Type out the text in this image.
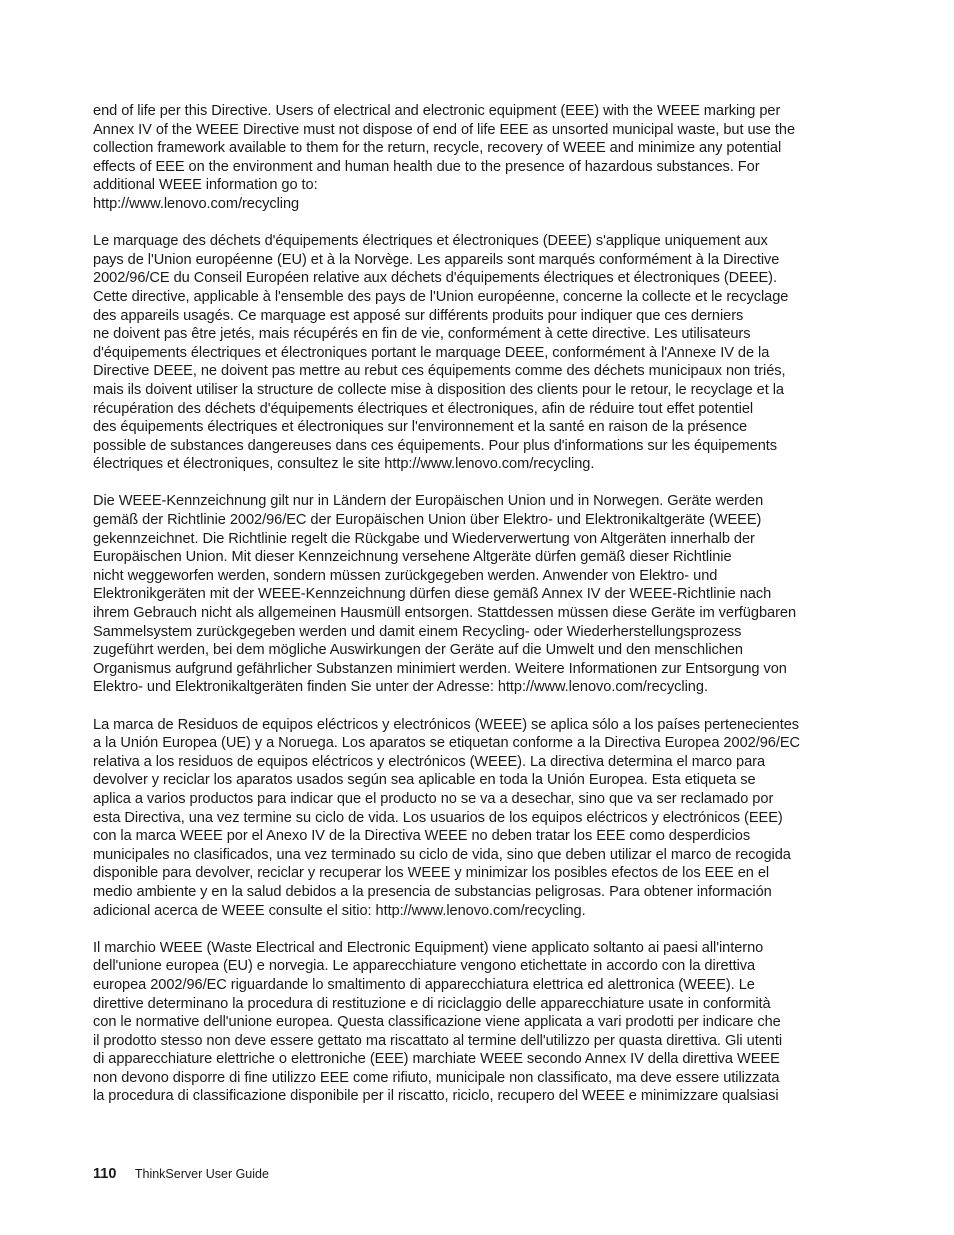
end of life per this Directive. Users of electrical and electronic equipment (EEE) with the WEEE marking per
Annex IV of the WEEE Directive must not dispose of end of life EEE as unsorted municipal waste, but use the
collection framework available to them for the return, recycle, recovery of WEEE and minimize any potential
effects of EEE on the environment and human health due to the presence of hazardous substances. For
additional WEEE information go to:
http://www.lenovo.com/recycling
Le marquage des déchets d'équipements électriques et électroniques (DEEE) s'applique uniquement aux
pays de l'Union européenne (EU) et à la Norvège. Les appareils sont marqués conformément à la Directive
2002/96/CE du Conseil Européen relative aux déchets d'équipements électriques et électroniques (DEEE).
Cette directive, applicable à l'ensemble des pays de l'Union européenne, concerne la collecte et le recyclage
des appareils usagés. Ce marquage est apposé sur différents produits pour indiquer que ces derniers
ne doivent pas être jetés, mais récupérés en fin de vie, conformément à cette directive. Les utilisateurs
d'équipements électriques et électroniques portant le marquage DEEE, conformément à l'Annexe IV de la
Directive DEEE, ne doivent pas mettre au rebut ces équipements comme des déchets municipaux non triés,
mais ils doivent utiliser la structure de collecte mise à disposition des clients pour le retour, le recyclage et la
récupération des déchets d'équipements électriques et électroniques, afin de réduire tout effet potentiel
des équipements électriques et électroniques sur l'environnement et la santé en raison de la présence
possible de substances dangereuses dans ces équipements. Pour plus d'informations sur les équipements
électriques et électroniques, consultez le site http://www.lenovo.com/recycling.
Die WEEE-Kennzeichnung gilt nur in Ländern der Europäischen Union und in Norwegen. Geräte werden
gemäß der Richtlinie 2002/96/EC der Europäischen Union über Elektro- und Elektronikaltgeräte (WEEE)
gekennzeichnet. Die Richtlinie regelt die Rückgabe und Wiederverwertung von Altgeräten innerhalb der
Europäischen Union. Mit dieser Kennzeichnung versehene Altgeräte dürfen gemäß dieser Richtlinie
nicht weggeworfen werden, sondern müssen zurückgegeben werden. Anwender von Elektro- und
Elektronikgeräten mit der WEEE-Kennzeichnung dürfen diese gemäß Annex IV der WEEE-Richtlinie nach
ihrem Gebrauch nicht als allgemeinen Hausmüll entsorgen. Stattdessen müssen diese Geräte im verfügbaren
Sammelsystem zurückgegeben werden und damit einem Recycling- oder Wiederherstellungsprozess
zugeführt werden, bei dem mögliche Auswirkungen der Geräte auf die Umwelt und den menschlichen
Organismus aufgrund gefährlicher Substanzen minimiert werden. Weitere Informationen zur Entsorgung von
Elektro- und Elektronikaltgeräten finden Sie unter der Adresse: http://www.lenovo.com/recycling.
La marca de Residuos de equipos eléctricos y electrónicos (WEEE) se aplica sólo a los países pertenecientes
a la Unión Europea (UE) y a Noruega. Los aparatos se etiquetan conforme a la Directiva Europea 2002/96/EC
relativa a los residuos de equipos eléctricos y electrónicos (WEEE). La directiva determina el marco para
devolver y reciclar los aparatos usados según sea aplicable en toda la Unión Europea. Esta etiqueta se
aplica a varios productos para indicar que el producto no se va a desechar, sino que va ser reclamado por
esta Directiva, una vez termine su ciclo de vida. Los usuarios de los equipos eléctricos y electrónicos (EEE)
con la marca WEEE por el Anexo IV de la Directiva WEEE no deben tratar los EEE como desperdicios
municipales no clasificados, una vez terminado su ciclo de vida, sino que deben utilizar el marco de recogida
disponible para devolver, reciclar y recuperar los WEEE y minimizar los posibles efectos de los EEE en el
medio ambiente y en la salud debidos a la presencia de substancias peligrosas. Para obtener información
adicional acerca de WEEE consulte el sitio: http://www.lenovo.com/recycling.
Il marchio WEEE (Waste Electrical and Electronic Equipment) viene applicato soltanto ai paesi all'interno
dell'unione europea (EU) e norvegia. Le apparecchiature vengono etichettate in accordo con la direttiva
europea 2002/96/EC riguardande lo smaltimento di apparecchiatura elettrica ed alettronica (WEEE). Le
direttive determinano la procedura di restituzione e di riciclaggio delle apparecchiature usate in conformità
con le normative dell'unione europea. Questa classificazione viene applicata a vari prodotti per indicare che
il prodotto stesso non deve essere gettato ma riscattato al termine dell'utilizzo per quasta direttiva. Gli utenti
di apparecchiature elettriche o elettroniche (EEE) marchiate WEEE secondo Annex IV della direttiva WEEE
non devono disporre di fine utilizzo EEE come rifiuto, municipale non classificato, ma deve essere utilizzata
la procedura di classificazione disponibile per il riscatto, riciclo, recupero del WEEE e minimizzare qualsiasi
110 ThinkServer User Guide
